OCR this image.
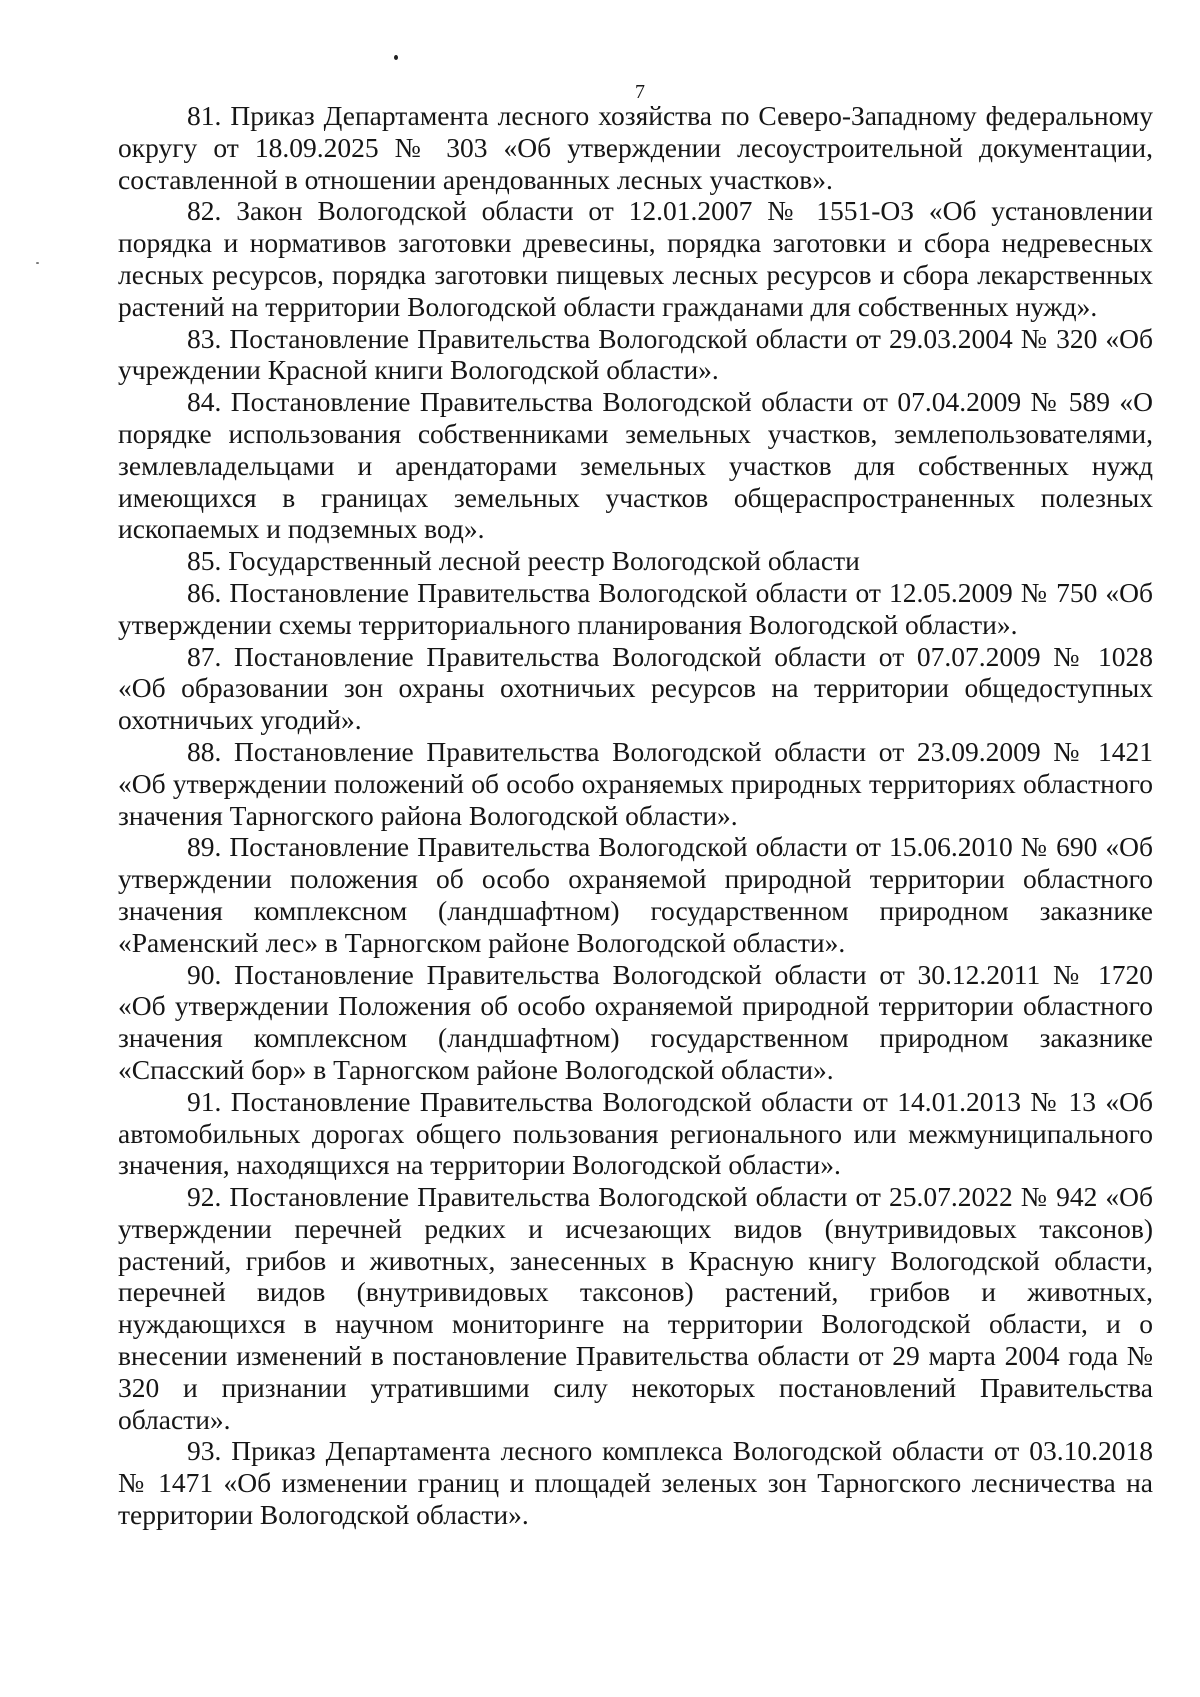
7

81. Приказ Департамента лесного хозяйства по Северо-Западному федеральному округу от 18.09.2025 № 303 «Об утверждении лесоустроительной документации, составленной в отношении арендованных лесных участков».

82. Закон Вологодской области от 12.01.2007 № 1551-ОЗ «Об установлении порядка и нормативов заготовки древесины, порядка заготовки и сбора недревесных лесных ресурсов, порядка заготовки пищевых лесных ресурсов и сбора лекарственных растений на территории Вологодской области гражданами для собственных нужд».

83. Постановление Правительства Вологодской области от 29.03.2004 № 320 «Об учреждении Красной книги Вологодской области».

84. Постановление Правительства Вологодской области от 07.04.2009 № 589 «О порядке использования собственниками земельных участков, землепользователями, землевладельцами и арендаторами земельных участков для собственных нужд имеющихся в границах земельных участков общераспространенных полезных ископаемых и подземных вод».

85. Государственный лесной реестр Вологодской области

86. Постановление Правительства Вологодской области от 12.05.2009 № 750 «Об утверждении схемы территориального планирования Вологодской области».

87. Постановление Правительства Вологодской области от 07.07.2009 № 1028 «Об образовании зон охраны охотничьих ресурсов на территории общедоступных охотничьих угодий».

88. Постановление Правительства Вологодской области от 23.09.2009 № 1421 «Об утверждении положений об особо охраняемых природных территориях областного значения Тарногского района Вологодской области».

89. Постановление Правительства Вологодской области от 15.06.2010 № 690 «Об утверждении положения об особо охраняемой природной территории областного значения комплексном (ландшафтном) государственном природном заказнике «Раменский лес» в Тарногском районе Вологодской области».

90. Постановление Правительства Вологодской области от 30.12.2011 № 1720 «Об утверждении Положения об особо охраняемой природной территории областного значения комплексном (ландшафтном) государственном природном заказнике «Спасский бор» в Тарногском районе Вологодской области».

91. Постановление Правительства Вологодской области от 14.01.2013 № 13 «Об автомобильных дорогах общего пользования регионального или межмуниципального значения, находящихся на территории Вологодской области».

92. Постановление Правительства Вологодской области от 25.07.2022 № 942 «Об утверждении перечней редких и исчезающих видов (внутривидовых таксонов) растений, грибов и животных, занесенных в Красную книгу Вологодской области, перечней видов (внутривидовых таксонов) растений, грибов и животных, нуждающихся в научном мониторинге на территории Вологодской области, и о внесении изменений в постановление Правительства области от 29 марта 2004 года № 320 и признании утратившими силу некоторых постановлений Правительства области».

93. Приказ Департамента лесного комплекса Вологодской области от 03.10.2018 № 1471 «Об изменении границ и площадей зеленых зон Тарногского лесничества на территории Вологодской области».
